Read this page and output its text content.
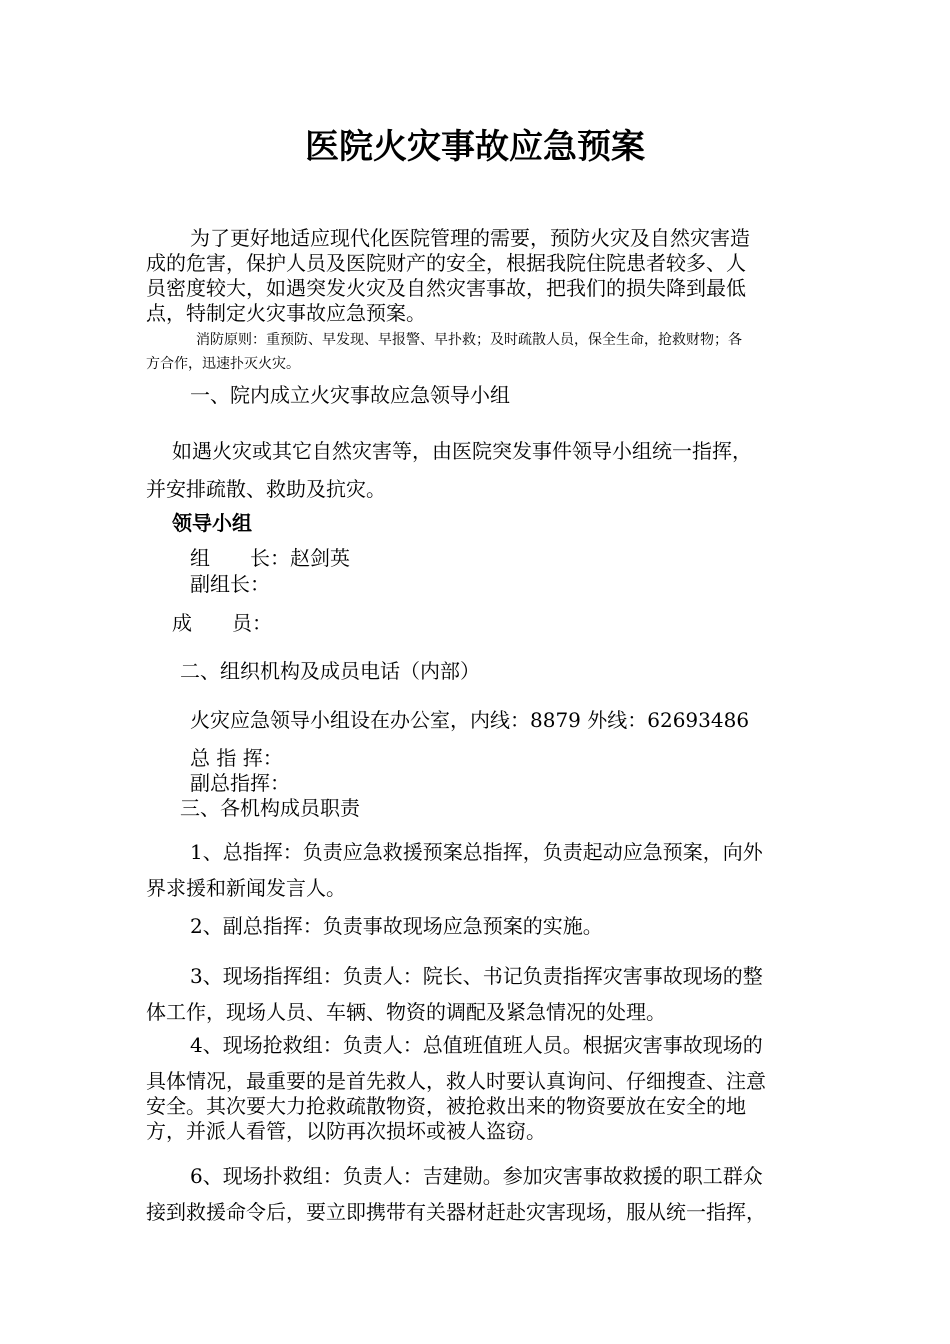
医院火灾事故应急预案
为了更好地适应现代化医院管理的需要，预防火灾及自然灾害造
成的危害，保护人员及医院财产的安全，根据我院住院患者较多、人
员密度较大，如遇突发火灾及自然灾害事故，把我们的损失降到最低
点，特制定火灾事故应急预案。
消防原则：重预防、早发现、早报警、早扑救；及时疏散人员，保全生命，抢救财物；各
方合作，迅速扑灭火灾。

一、院内成立火灾事故应急领导小组

如遇火灾或其它自然灾害等，由医院突发事件领导小组统一指挥，
并安排疏散、救助及抗灾。

领导小组

组　　长：赵剑英

副组长：

成　　员：

二、组织机构及成员电话（内部）

火灾应急领导小组设在办公室，内线：8879 外线：62693486

总 指 挥：

副总指挥：

三、各机构成员职责

1、总指挥：负责应急救援预案总指挥，负责起动应急预案，向外
界求援和新闻发言人。
2、副总指挥：负责事故现场应急预案的实施。
3、现场指挥组：负责人：院长、书记负责指挥灾害事故现场的整
体工作，现场人员、车辆、物资的调配及紧急情况的处理。
4、现场抢救组：负责人：总值班值班人员。根据灾害事故现场的
具体情况，最重要的是首先救人，救人时要认真询问、仔细搜查、注意
安全。其次要大力抢救疏散物资，被抢救出来的物资要放在安全的地
方，并派人看管，以防再次损坏或被人盗窃。
6、现场扑救组：负责人：吉建勋。参加灾害事故救援的职工群众
接到救援命令后，要立即携带有关器材赶赴灾害现场，服从统一指挥，
